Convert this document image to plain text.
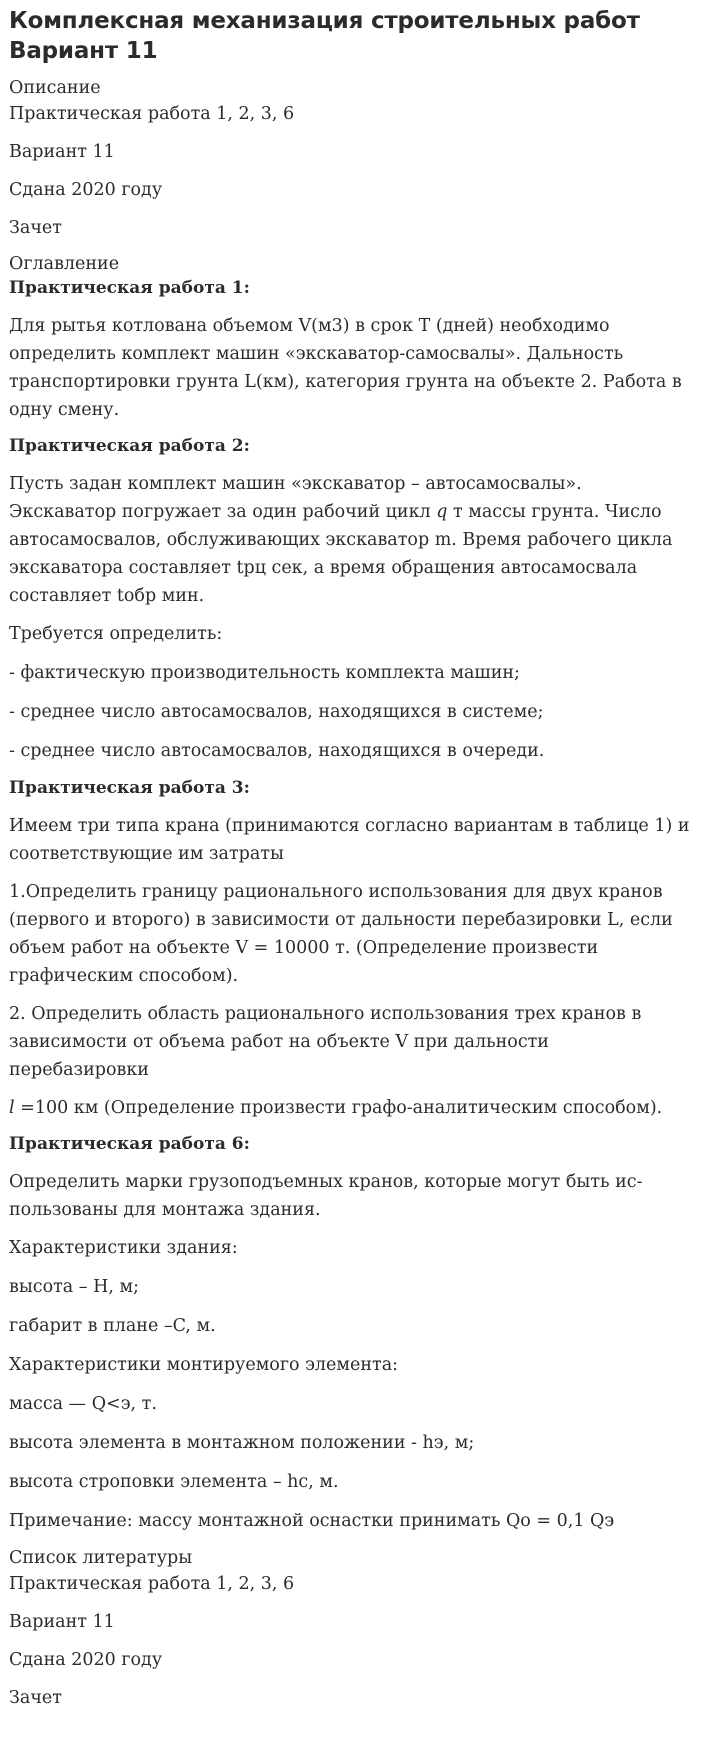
Комплексная механизация строительных работ
Вариант 11
Описание

Практическая работа 1, 2, 3, 6

Вариант 11

Сдана 2020 году

Зачет

Оглавление
Практическая работа 1:

Для рытья котлована объемом V(м3) в срок T (дней) необходимо определить комплект машин «экскаватор-самосвалы». Дальность транспортировки грунта L(км), категория грунта на объекте 2. Работа в одну смену.

Практическая работа 2:

Пусть задан комплект машин «экскаватор – автосамосвалы». Экскаватор погружает за один рабочий цикл q т массы грунта. Число автосамосвалов, обслуживающих экскаватор m. Время рабочего цикла экскаватора составляет tрц сек, а время обращения автосамосвала составляет tобр мин.

Требуется определить:

- фактическую производительность комплекта машин;

- среднее число автосамосвалов, находящихся в системе;

- среднее число автосамосвалов, находящихся в очереди.

Практическая работа 3:

Имеем три типа крана (принимаются согласно вариантам в таблице 1) и соответствующие им затраты

1.Определить границу рационального использования для двух кранов (первого и второго) в зависимости от дальности перебазировки L, если объем работ на объекте V = 10000 т. (Определение произвести графическим способом).

2. Определить область рационального использования трех кранов в зависимости от объема работ на объекте V при дальности перебазировки

l =100 км (Определение произвести графо-аналитическим способом).

Практическая работа 6:

Определить марки грузоподъемных кранов, которые могут быть ис-пользованы для монтажа здания.

Характеристики здания:

высота – H, м;

габарит в плане –C, м.

Характеристики монтируемого элемента:

масса — Q<э, т.

высота элемента в монтажном положении - hэ, м;

высота строповки элемента – hс, м.

Примечание: массу монтажной оснастки принимать Qо = 0,1 Qэ

Список литературы

Практическая работа 1, 2, 3, 6

Вариант 11

Сдана 2020 году

Зачет
